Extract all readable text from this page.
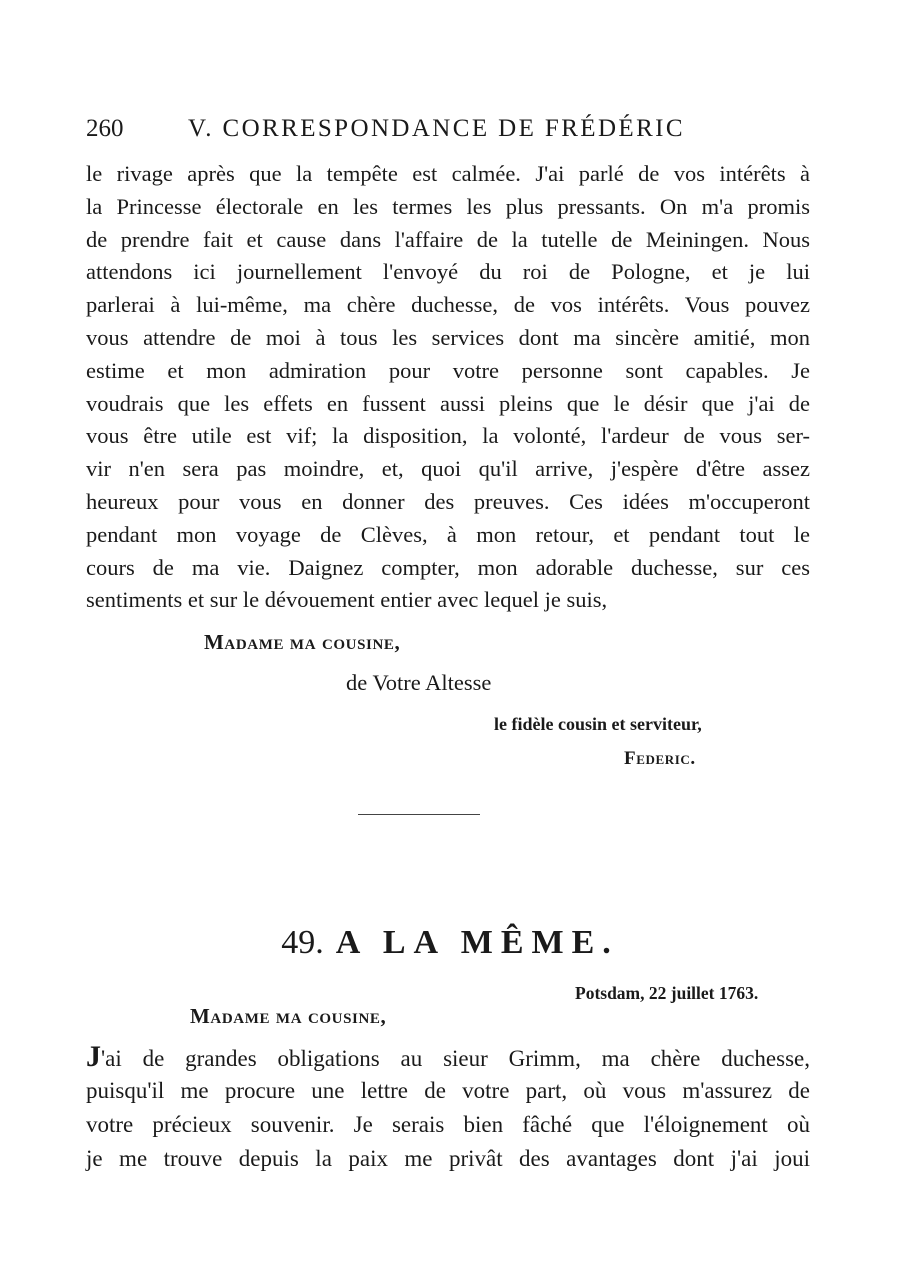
260	V. CORRESPONDANCE DE FRÉDÉRIC
le rivage après que la tempête est calmée. J'ai parlé de vos intérêts à
la Princesse électorale en les termes les plus pressants. On m'a promis
de prendre fait et cause dans l'affaire de la tutelle de Meiningen. Nous
attendons ici journellement l'envoyé du roi de Pologne, et je lui
parlerai à lui-même, ma chère duchesse, de vos intérêts. Vous pouvez
vous attendre de moi à tous les services dont ma sincère amitié, mon
estime et mon admiration pour votre personne sont capables. Je
voudrais que les effets en fussent aussi pleins que le désir que j'ai de
vous être utile est vif; la disposition, la volonté, l'ardeur de vous ser-
vir n'en sera pas moindre, et, quoi qu'il arrive, j'espère d'être assez
heureux pour vous en donner des preuves. Ces idées m'occuperont
pendant mon voyage de Clèves, à mon retour, et pendant tout le
cours de ma vie. Daignez compter, mon adorable duchesse, sur ces
sentiments et sur le dévouement entier avec lequel je suis,
Madame ma cousine,
de Votre Altesse
le fidèle cousin et serviteur,
Federic.
49. A LA MÊME.
Potsdam, 22 juillet 1763.
Madame ma cousine,
J'ai de grandes obligations au sieur Grimm, ma chère duchesse,
puisqu'il me procure une lettre de votre part, où vous m'assurez de
votre précieux souvenir. Je serais bien fâché que l'éloignement où
je me trouve depuis la paix me privât des avantages dont j'ai joui
